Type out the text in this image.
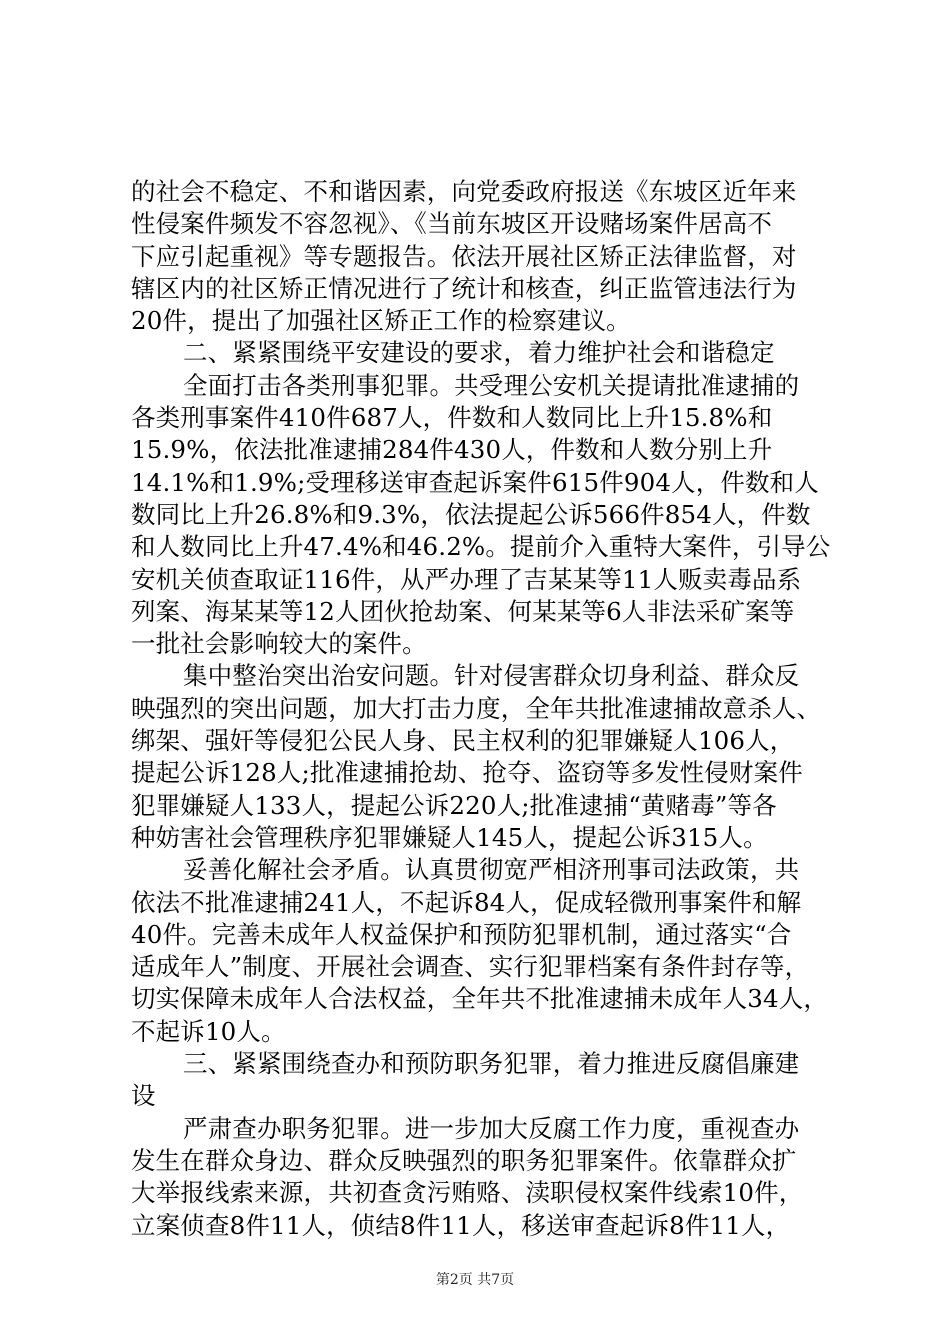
的社会不稳定、不和谐因素，向党委政府报送《东坡区近年来
性侵案件频发不容忽视》、《当前东坡区开设赌场案件居高不
下应引起重视》等专题报告。依法开展社区矫正法律监督，对
辖区内的社区矫正情况进行了统计和核查，纠正监管违法行为
20件，提出了加强社区矫正工作的检察建议。
二、紧紧围绕平安建设的要求，着力维护社会和谐稳定
全面打击各类刑事犯罪。共受理公安机关提请批准逮捕的
各类刑事案件410件687人，件数和人数同比上升15.8%和
15.9%，依法批准逮捕284件430人，件数和人数分别上升
14.1%和1.9%;受理移送审查起诉案件615件904人，件数和人
数同比上升26.8%和9.3%，依法提起公诉566件854人，件数
和人数同比上升47.4%和46.2%。提前介入重特大案件，引导公
安机关侦查取证116件，从严办理了吉某某等11人贩卖毒品系
列案、海某某等12人团伙抢劫案、何某某等6人非法采矿案等
一批社会影响较大的案件。
集中整治突出治安问题。针对侵害群众切身利益、群众反
映强烈的突出问题，加大打击力度，全年共批准逮捕故意杀人、
绑架、强奸等侵犯公民人身、民主权利的犯罪嫌疑人106人，
提起公诉128人;批准逮捕抢劫、抢夺、盗窃等多发性侵财案件
犯罪嫌疑人133人，提起公诉220人;批准逮捕“黄赌毒”等各
种妨害社会管理秩序犯罪嫌疑人145人，提起公诉315人。
妥善化解社会矛盾。认真贯彻宽严相济刑事司法政策，共
依法不批准逮捕241人，不起诉84人，促成轻微刑事案件和解
40件。完善未成年人权益保护和预防犯罪机制，通过落实“合
适成年人”制度、开展社会调查、实行犯罪档案有条件封存等，
切实保障未成年人合法权益，全年共不批准逮捕未成年人34人，
不起诉10人。
三、紧紧围绕查办和预防职务犯罪，着力推进反腐倡廉建
设
严肃查办职务犯罪。进一步加大反腐工作力度，重视查办
发生在群众身边、群众反映强烈的职务犯罪案件。依靠群众扩
大举报线索来源，共初查贪污贿赂、渎职侵权案件线索10件，
立案侦查8件11人，侦结8件11人，移送审查起诉8件11人，
第2页 共7页
